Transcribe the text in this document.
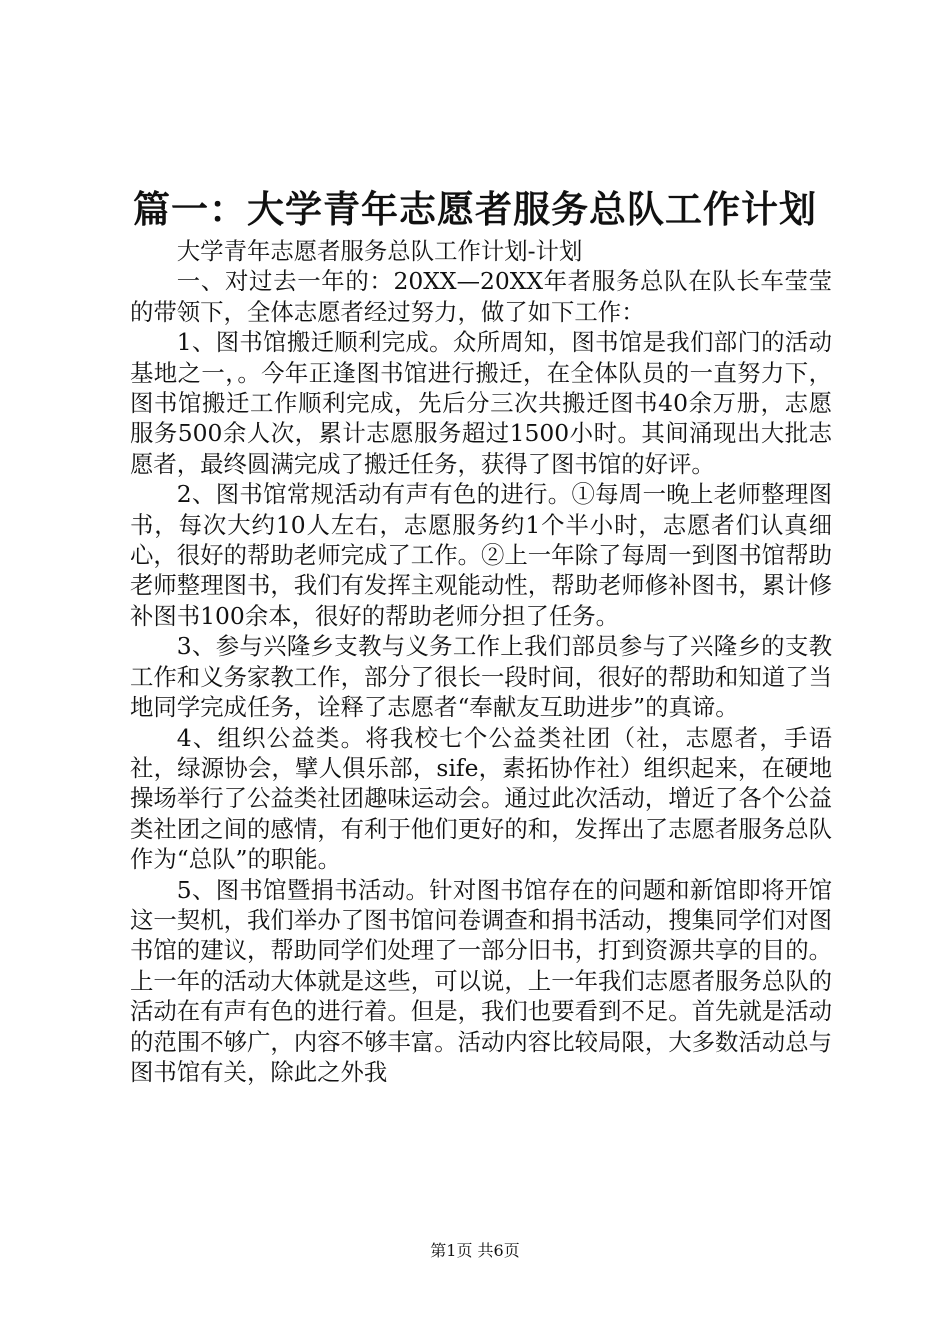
篇一：大学青年志愿者服务总队工作计划

大学青年志愿者服务总队工作计划-计划

一、对过去一年的：20XX—20XX年者服务总队在队长车莹莹的带领下，全体志愿者经过努力，做了如下工作：

1、图书馆搬迁顺利完成。众所周知，图书馆是我们部门的活动基地之一，。今年正逢图书馆进行搬迁，在全体队员的一直努力下，图书馆搬迁工作顺利完成，先后分三次共搬迁图书40余万册，志愿服务500余人次，累计志愿服务超过1500小时。其间涌现出大批志愿者，最终圆满完成了搬迁任务，获得了图书馆的好评。

2、图书馆常规活动有声有色的进行。①每周一晚上老师整理图书，每次大约10人左右，志愿服务约1个半小时，志愿者们认真细心，很好的帮助老师完成了工作。②上一年除了每周一到图书馆帮助老师整理图书，我们有发挥主观能动性，帮助老师修补图书，累计修补图书100余本，很好的帮助老师分担了任务。

3、参与兴隆乡支教与义务工作上我们部员参与了兴隆乡的支教工作和义务家教工作，部分了很长一段时间，很好的帮助和知道了当地同学完成任务，诠释了志愿者“奉献友互助进步”的真谛。

4、组织公益类。将我校七个公益类社团（社，志愿者，手语社，绿源协会，擘人俱乐部，sife，素拓协作社）组织起来，在硬地操场举行了公益类社团趣味运动会。通过此次活动，增近了各个公益类社团之间的感情，有利于他们更好的和，发挥出了志愿者服务总队作为“总队”的职能。

5、图书馆暨捐书活动。针对图书馆存在的问题和新馆即将开馆这一契机，我们举办了图书馆问卷调查和捐书活动，搜集同学们对图书馆的建议，帮助同学们处理了一部分旧书，打到资源共享的目的。上一年的活动大体就是这些，可以说，上一年我们志愿者服务总队的活动在有声有色的进行着。但是，我们也要看到不足。首先就是活动的范围不够广，内容不够丰富。活动内容比较局限，大多数活动总与图书馆有关，除此之外我

第1页 共6页
